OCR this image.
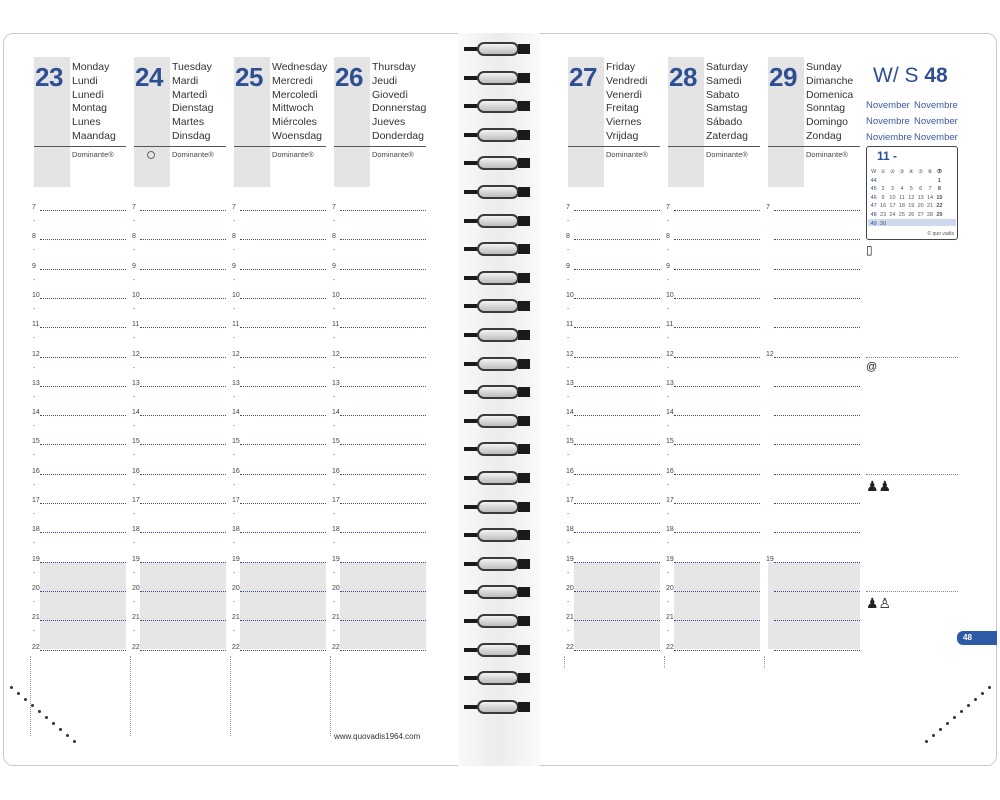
23 Monday
Lundi
Lunedì
Montag
Lunes
Maandag
Dominante®
24 Tuesday
Mardi
Martedì
Dienstag
Martes
Dinsdag
Dominante®
25 Wednesday
Mercredi
Mercoledì
Mittwoch
Miércoles
Woensdag
Dominante®
26 Thursday
Jeudi
Giovedì
Donnerstag
Jueves
Donderdag
Dominante®
27 Friday
Vendredi
Venerdì
Freitag
Viernes
Vrijdag
Dominante®
28 Saturday
Samedi
Sabato
Samstag
Sábado
Zaterdag
Dominante®
29 Sunday
Dimanche
Domenica
Sonntag
Domingo
Zondag
Dominante®
7
-
8
-
9
-
10
-
11
-
12
-
13
-
14
-
15
-
16
-
17
-
18
-
19
-
20
-
21
-
22
7
-
8
-
9
-
10
-
11
-
12
-
13
-
14
-
15
-
16
-
17
-
18
-
19
-
20
-
21
-
22
7
-
8
-
9
-
10
-
11
-
12
-
13
-
14
-
15
-
16
-
17
-
18
-
19
-
20
-
21
-
22
7
-
8
-
9
-
10
-
11
-
12
-
13
-
14
-
15
-
16
-
17
-
18
-
19
-
20
-
21
-
22
7
-
8
-
9
-
10
-
11
-
12
-
13
-
14
-
15
-
16
-
17
-
18
-
19
-
20
-
21
-
22
7
-
8
-
9
-
10
-
11
-
12
-
13
-
14
-
15
-
16
-
17
-
18
-
19
-
20
-
21
-
22
7
12
19
W/ S 48
November Novembre
Novembre November
Noviembre November
11 -
W ① ② ③ ④ ⑤ ⑥ ⑦
44	1
45 2 3 4 5 6 7 8
46 9 10 11 12 13 14 15
47 16 17 18 19 20 21 22
48 23 24 25 26 27 28 29
49 30
© quo vadis
▯
@
♟♟
♟♙
48
www.quovadis1964.com
